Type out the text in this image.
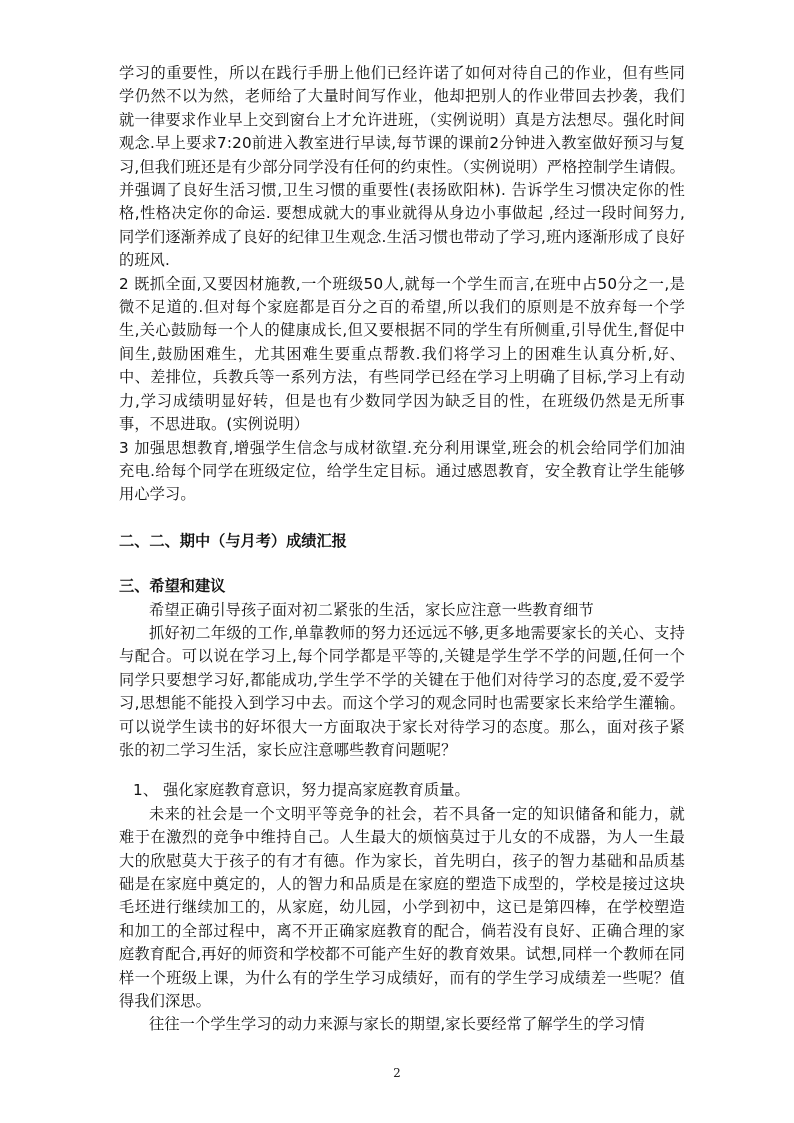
学习的重要性，所以在践行手册上他们已经许诺了如何对待自己的作业，但有些同学仍然不以为然，老师给了大量时间写作业，他却把别人的作业带回去抄袭，我们就一律要求作业早上交到窗台上才允许进班，（实例说明）真是方法想尽。强化时间观念.早上要求7:20前进入教室进行早读,每节课的课前2分钟进入教室做好预习与复习,但我们班还是有少部分同学没有任何的约束性。（实例说明）严格控制学生请假。并强调了良好生活习惯,卫生习惯的重要性(表扬欧阳林). 告诉学生习惯决定你的性格,性格决定你的命运. 要想成就大的事业就得从身边小事做起 ,经过一段时间努力,同学们逐渐养成了良好的纪律卫生观念.生活习惯也带动了学习,班内逐渐形成了良好的班风.

2 既抓全面,又要因材施教,一个班级50人,就每一个学生而言,在班中占50分之一,是微不足道的.但对每个家庭都是百分之百的希望,所以我们的原则是不放弃每一个学生,关心鼓励每一个人的健康成长,但又要根据不同的学生有所侧重,引导优生,督促中间生,鼓励困难生，尤其困难生要重点帮教.我们将学习上的困难生认真分析,好、中、差排位，兵教兵等一系列方法，有些同学已经在学习上明确了目标,学习上有动力,学习成绩明显好转，但是也有少数同学因为缺乏目的性，在班级仍然是无所事事，不思进取。(实例说明）

3 加强思想教育,增强学生信念与成材欲望.充分利用课堂,班会的机会给同学们加油充电.给每个同学在班级定位，给学生定目标。通过感恩教育，安全教育让学生能够用心学习。

二、二、期中（与月考）成绩汇报

三、希望和建议

希望正确引导孩子面对初二紧张的生活，家长应注意一些教育细节

抓好初二年级的工作,单靠教师的努力还远远不够,更多地需要家长的关心、支持与配合。可以说在学习上,每个同学都是平等的,关键是学生学不学的问题,任何一个同学只要想学习好,都能成功,学生学不学的关键在于他们对待学习的态度,爱不爱学习,思想能不能投入到学习中去。而这个学习的观念同时也需要家长来给学生灌输。可以说学生读书的好坏很大一方面取决于家长对待学习的态度。那么，面对孩子紧张的初二学习生活，家长应注意哪些教育问题呢？

1、 强化家庭教育意识，努力提高家庭教育质量。

未来的社会是一个文明平等竞争的社会，若不具备一定的知识储备和能力，就难于在激烈的竞争中维持自己。人生最大的烦恼莫过于儿女的不成器，为人一生最大的欣慰莫大于孩子的有才有德。作为家长，首先明白，孩子的智力基础和品质基础是在家庭中奠定的，人的智力和品质是在家庭的塑造下成型的，学校是接过这块毛坯进行继续加工的，从家庭，幼儿园，小学到初中，这已是第四棒，在学校塑造和加工的全部过程中，离不开正确家庭教育的配合，倘若没有良好、正确合理的家庭教育配合,再好的师资和学校都不可能产生好的教育效果。试想,同样一个教师在同样一个班级上课，为什么有的学生学习成绩好，而有的学生学习成绩差一些呢？值得我们深思。

往往一个学生学习的动力来源与家长的期望,家长要经常了解学生的学习情

2
